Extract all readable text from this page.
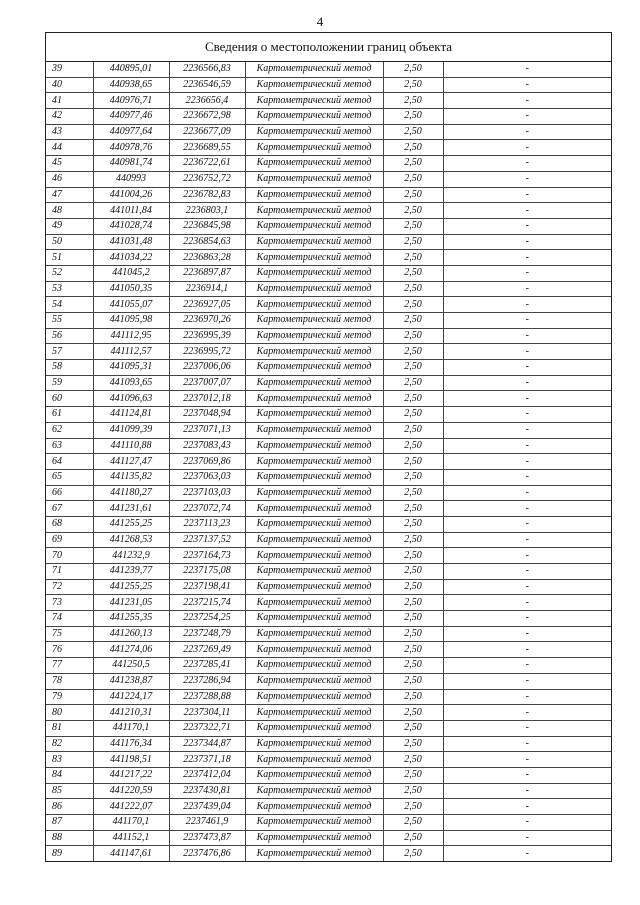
4
Сведения о местоположении границ объекта
39	440895,01	2236566,83	Картометрический метод	2,50	-
40	440938,65	2236546,59	Картометрический метод	2,50	-
41	440976,71	2236656,4	Картометрический метод	2,50	-
42	440977,46	2236672,98	Картометрический метод	2,50	-
43	440977,64	2236677,09	Картометрический метод	2,50	-
44	440978,76	2236689,55	Картометрический метод	2,50	-
45	440981,74	2236722,61	Картометрический метод	2,50	-
46	440993	2236752,72	Картометрический метод	2,50	-
47	441004,26	2236782,83	Картометрический метод	2,50	-
48	441011,84	2236803,1	Картометрический метод	2,50	-
49	441028,74	2236845,98	Картометрический метод	2,50	-
50	441031,48	2236854,63	Картометрический метод	2,50	-
51	441034,22	2236863,28	Картометрический метод	2,50	-
52	441045,2	2236897,87	Картометрический метод	2,50	-
53	441050,35	2236914,1	Картометрический метод	2,50	-
54	441055,07	2236927,05	Картометрический метод	2,50	-
55	441095,98	2236970,26	Картометрический метод	2,50	-
56	441112,95	2236995,39	Картометрический метод	2,50	-
57	441112,57	2236995,72	Картометрический метод	2,50	-
58	441095,31	2237006,06	Картометрический метод	2,50	-
59	441093,65	2237007,07	Картометрический метод	2,50	-
60	441096,63	2237012,18	Картометрический метод	2,50	-
61	441124,81	2237048,94	Картометрический метод	2,50	-
62	441099,39	2237071,13	Картометрический метод	2,50	-
63	441110,88	2237083,43	Картометрический метод	2,50	-
64	441127,47	2237069,86	Картометрический метод	2,50	-
65	441135,82	2237063,03	Картометрический метод	2,50	-
66	441180,27	2237103,03	Картометрический метод	2,50	-
67	441231,61	2237072,74	Картометрический метод	2,50	-
68	441255,25	2237113,23	Картометрический метод	2,50	-
69	441268,53	2237137,52	Картометрический метод	2,50	-
70	441232,9	2237164,73	Картометрический метод	2,50	-
71	441239,77	2237175,08	Картометрический метод	2,50	-
72	441255,25	2237198,41	Картометрический метод	2,50	-
73	441231,05	2237215,74	Картометрический метод	2,50	-
74	441255,35	2237254,25	Картометрический метод	2,50	-
75	441260,13	2237248,79	Картометрический метод	2,50	-
76	441274,06	2237269,49	Картометрический метод	2,50	-
77	441250,5	2237285,41	Картометрический метод	2,50	-
78	441238,87	2237286,94	Картометрический метод	2,50	-
79	441224,17	2237288,88	Картометрический метод	2,50	-
80	441210,31	2237304,11	Картометрический метод	2,50	-
81	441170,1	2237322,71	Картометрический метод	2,50	-
82	441176,34	2237344,87	Картометрический метод	2,50	-
83	441198,51	2237371,18	Картометрический метод	2,50	-
84	441217,22	2237412,04	Картометрический метод	2,50	-
85	441220,59	2237430,81	Картометрический метод	2,50	-
86	441222,07	2237439,04	Картометрический метод	2,50	-
87	441170,1	2237461,9	Картометрический метод	2,50	-
88	441152,1	2237473,87	Картометрический метод	2,50	-
89	441147,61	2237476,86	Картометрический метод	2,50	-
